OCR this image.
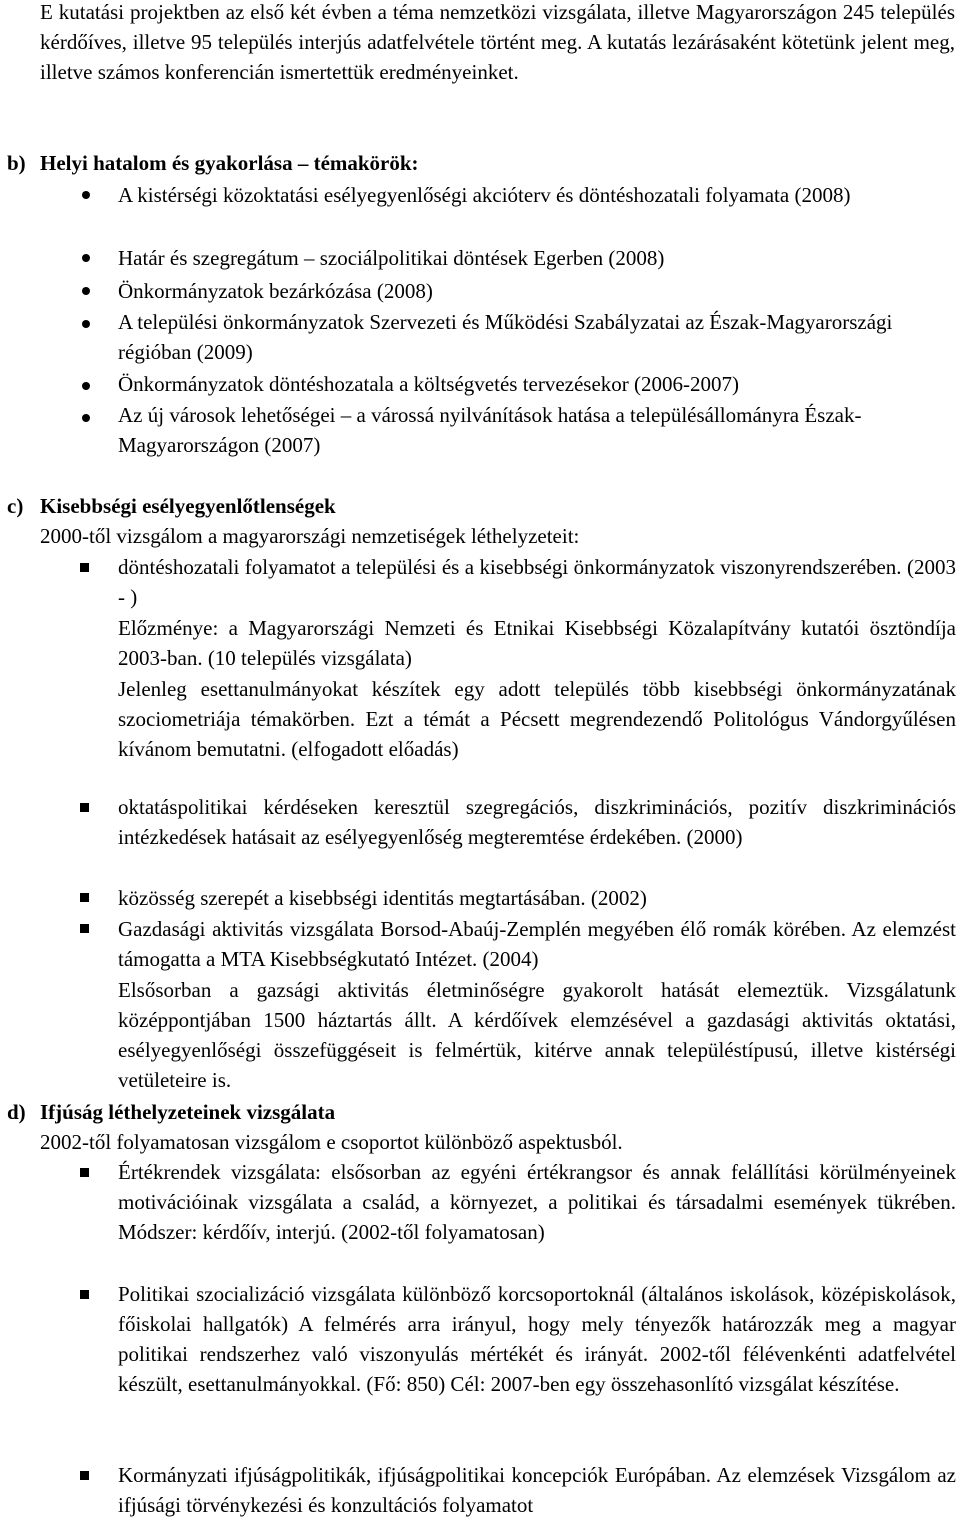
E kutatási projektben az első két évben a téma nemzetközi vizsgálata, illetve Magyarországon 245 település kérdőíves, illetve 95 település interjús adatfelvétele történt meg. A kutatás lezárásaként kötetünk jelent meg, illetve számos konferencián ismertettük eredményeinket.

b) Helyi hatalom és gyakorlása – témakörök:

A kistérségi közoktatási esélyegyenlőségi akcióterv és döntéshozatali folyamata (2008)

Határ és szegregátum – szociálpolitikai döntések Egerben (2008)

Önkormányzatok bezárkózása (2008)

A települési önkormányzatok Szervezeti és Működési Szabályzatai az Észak-Magyarországi régióban (2009)

Önkormányzatok döntéshozatala a költségvetés tervezésekor (2006-2007)

Az új városok lehetőségei – a várossá nyilvánítások hatása a településállományra Észak-Magyarországon (2007)

c) Kisebbségi esélyegyenlőtlenségek

2000-től vizsgálom a magyarországi nemzetiségek léthelyzeteit:

döntéshozatali folyamatot a települési és a kisebbségi önkormányzatok viszonyrendszerében. (2003 - )

Előzménye: a Magyarországi Nemzeti és Etnikai Kisebbségi Közalapítvány kutatói ösztöndíja 2003-ban. (10 település vizsgálata)

Jelenleg esettanulmányokat készítek egy adott település több kisebbségi önkormányzatának szociometriája témakörben. Ezt a témát a Pécsett megrendezendő Politológus Vándorgyűlésen kívánom bemutatni. (elfogadott előadás)

oktatáspolitikai kérdéseken keresztül szegregációs, diszkriminációs, pozitív diszkriminációs intézkedések hatásait az esélyegyenlőség megteremtése érdekében. (2000)

közösség szerepét a kisebbségi identitás megtartásában. (2002)

Gazdasági aktivitás vizsgálata Borsod-Abaúj-Zemplén megyében élő romák körében. Az elemzést támogatta a MTA Kisebbségkutató Intézet. (2004)

Elsősorban a gazsági aktivitás életminőségre gyakorolt hatását elemeztük. Vizsgálatunk középpontjában 1500 háztartás állt. A kérdőívek elemzésével a gazdasági aktivitás oktatási, esélyegyenlőségi összefüggéseit is felmértük, kitérve annak településtípusú, illetve kistérségi vetületeire is.

d) Ifjúság léthelyzeteinek vizsgálata

2002-től folyamatosan vizsgálom e csoportot különböző aspektusból.

Értékrendek vizsgálata: elsősorban az egyéni értékrangsor és annak felállítási körülményeinek motivációinak vizsgálata a család, a környezet, a politikai és társadalmi események tükrében. Módszer: kérdőív, interjú. (2002-től folyamatosan)

Politikai szocializáció vizsgálata különböző korcsoportoknál (általános iskolások, középiskolások, főiskolai hallgatók) A felmérés arra irányul, hogy mely tényezők határozzák meg a magyar politikai rendszerhez való viszonyulás mértékét és irányát. 2002-től félévenkénti adatfelvétel készült, esettanulmányokkal. (Fő: 850) Cél: 2007-ben egy összehasonlító vizsgálat készítése.

Kormányzati ifjúságpolitikák, ifjúságpolitikai koncepciók Európában. Az elemzések Vizsgálom az ifjúsági törvénykezési és konzultációs folyamatot
